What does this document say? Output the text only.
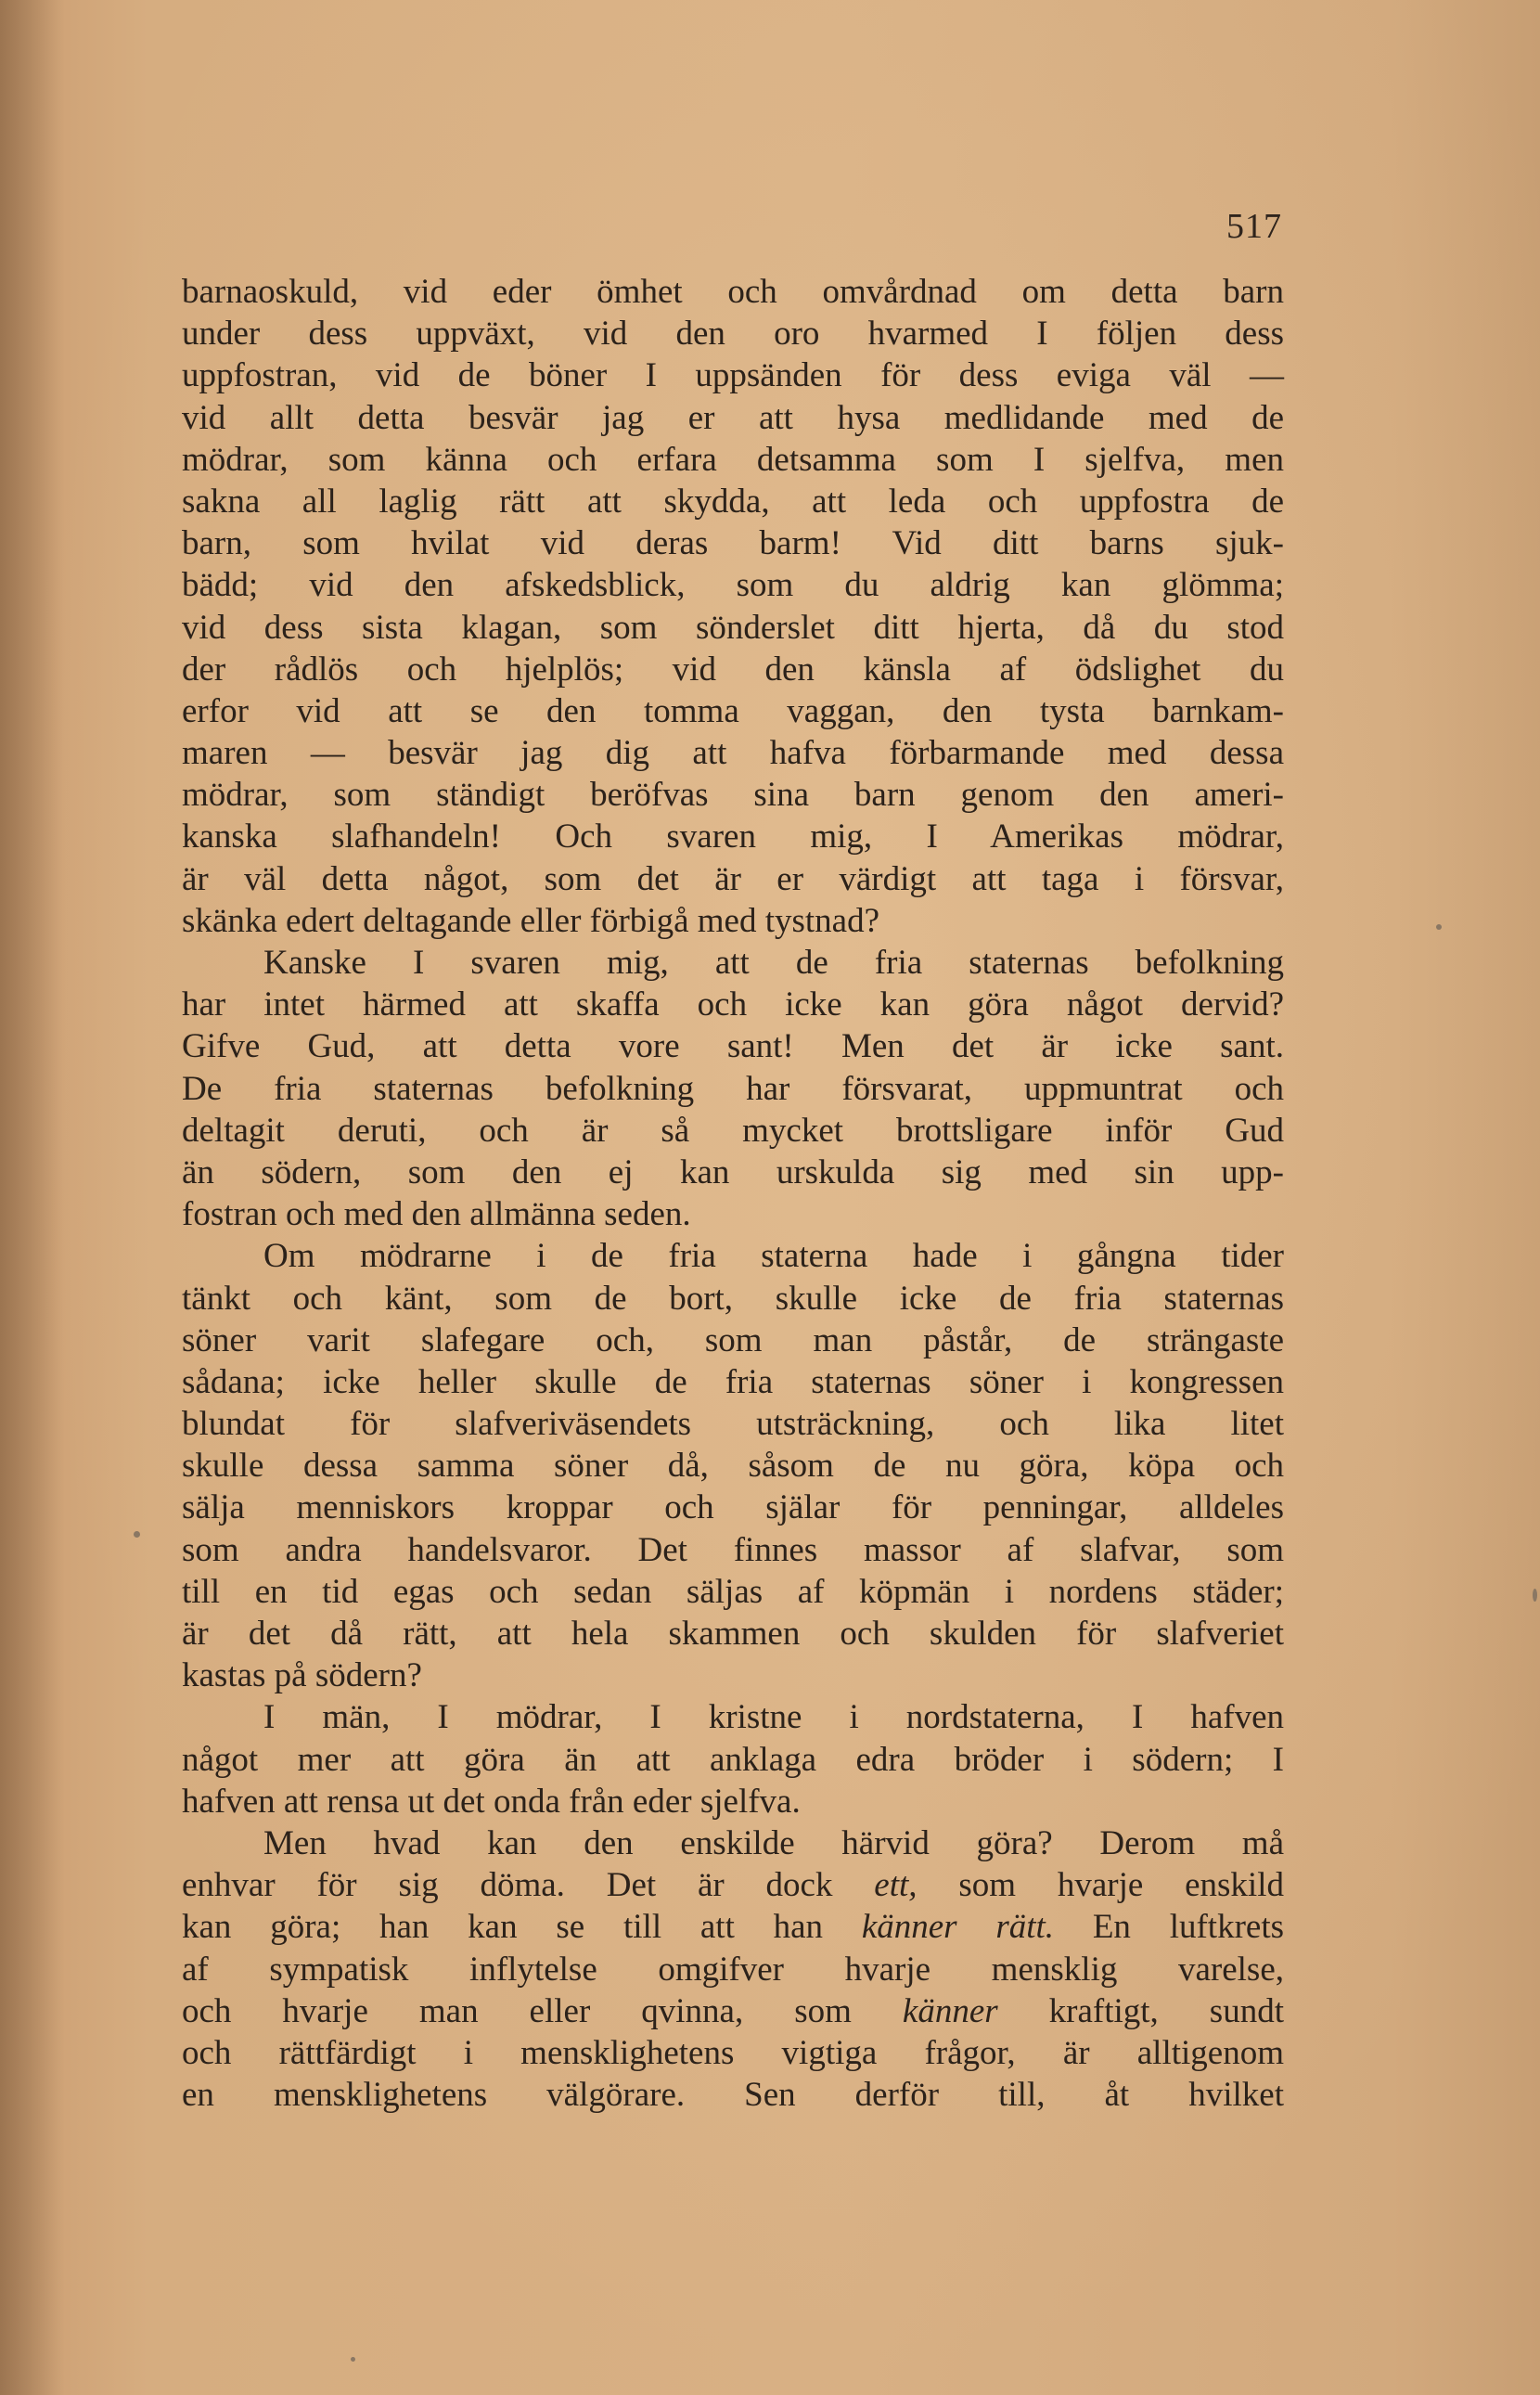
517
barnaoskuld, vid eder ömhet och omvårdnad om detta barn
under dess uppväxt, vid den oro hvarmed I följen dess
uppfostran, vid de böner I uppsänden för dess eviga väl —
vid allt detta besvär jag er att hysa medlidande med de
mödrar, som känna och erfara detsamma som I sjelfva, men
sakna all laglig rätt att skydda, att leda och uppfostra de
barn, som hvilat vid deras barm! Vid ditt barns sjuk-
bädd; vid den afskedsblick, som du aldrig kan glömma;
vid dess sista klagan, som sönderslet ditt hjerta, då du stod
der rådlös och hjelplös; vid den känsla af ödslighet du
erfor vid att se den tomma vaggan, den tysta barnkam-
maren — besvär jag dig att hafva förbarmande med dessa
mödrar, som ständigt beröfvas sina barn genom den ameri-
kanska slafhandeln! Och svaren mig, I Amerikas mödrar,
är väl detta något, som det är er värdigt att taga i försvar,
skänka edert deltagande eller förbigå med tystnad?
Kanske I svaren mig, att de fria staternas befolkning
har intet härmed att skaffa och icke kan göra något dervid?
Gifve Gud, att detta vore sant! Men det är icke sant.
De fria staternas befolkning har försvarat, uppmuntrat och
deltagit deruti, och är så mycket brottsligare inför Gud
än södern, som den ej kan urskulda sig med sin upp-
fostran och med den allmänna seden.
Om mödrarne i de fria staterna hade i gångna tider
tänkt och känt, som de bort, skulle icke de fria staternas
söner varit slafegare och, som man påstår, de strängaste
sådana; icke heller skulle de fria staternas söner i kongressen
blundat för slafveriväsendets utsträckning, och lika litet
skulle dessa samma söner då, såsom de nu göra, köpa och
sälja menniskors kroppar och själar för penningar, alldeles
som andra handelsvaror. Det finnes massor af slafvar, som
till en tid egas och sedan säljas af köpmän i nordens städer;
är det då rätt, att hela skammen och skulden för slafveriet
kastas på södern?
I män, I mödrar, I kristne i nordstaterna, I hafven
något mer att göra än att anklaga edra bröder i södern; I
hafven att rensa ut det onda från eder sjelfva.
Men hvad kan den enskilde härvid göra? Derom må
enhvar för sig döma. Det är dock ett, som hvarje enskild
kan göra; han kan se till att han känner rätt. En luftkrets
af sympatisk inflytelse omgifver hvarje mensklig varelse,
och hvarje man eller qvinna, som känner kraftigt, sundt
och rättfärdigt i mensklighetens vigtiga frågor, är alltigenom
en mensklighetens välgörare. Sen derför till, åt hvilket
